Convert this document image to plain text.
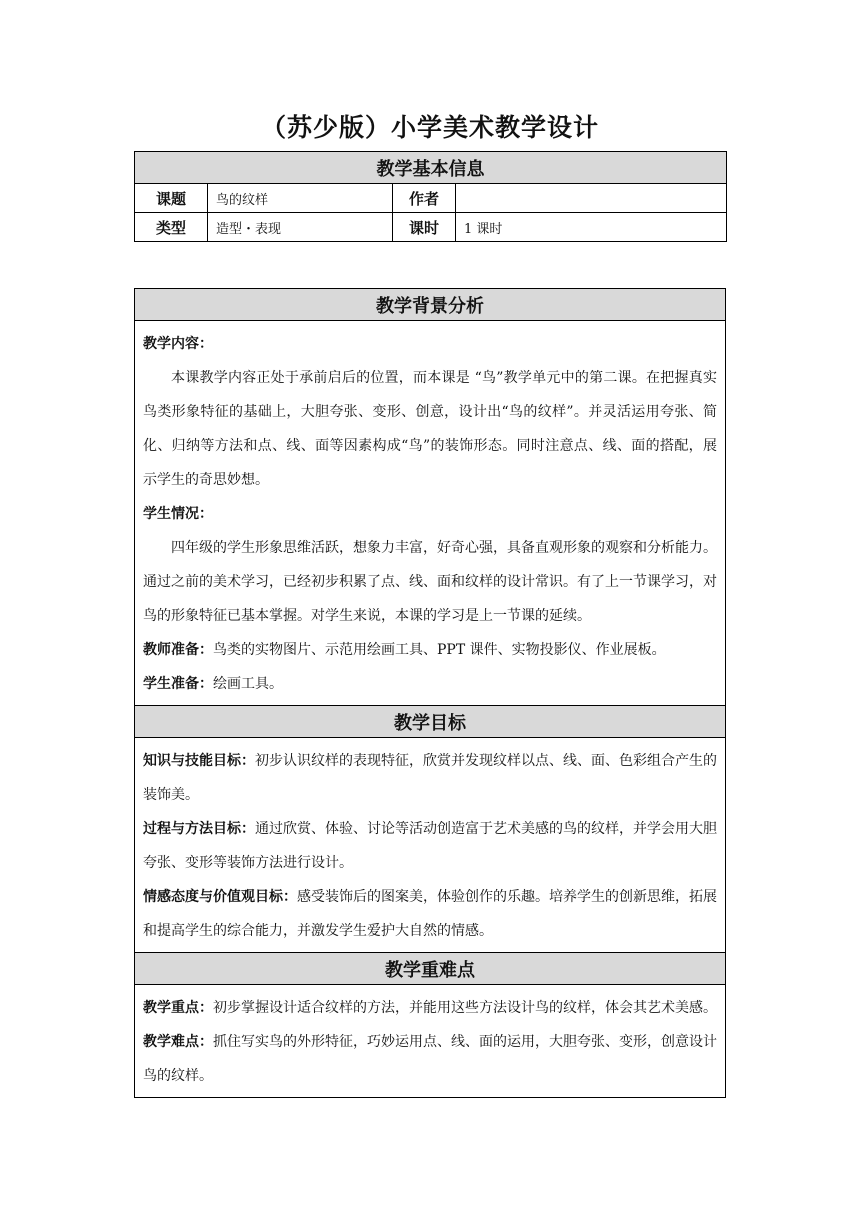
（苏少版）小学美术教学设计
教学基本信息			
课题	鸟的纹样	作者	
类型	造型・表现	课时	1 课时
教学背景分析

教学内容：

本课教学内容正处于承前启后的位置，而本课是 “鸟”教学单元中的第二课。在把握真实鸟类形象特征的基础上，大胆夸张、变形、创意，设计出“鸟的纹样”。并灵活运用夸张、简化、归纳等方法和点、线、面等因素构成“鸟”的装饰形态。同时注意点、线、面的搭配，展示学生的奇思妙想。

学生情况：

四年级的学生形象思维活跃，想象力丰富，好奇心强，具备直观形象的观察和分析能力。通过之前的美术学习，已经初步积累了点、线、面和纹样的设计常识。有了上一节课学习，对鸟的形象特征已基本掌握。对学生来说，本课的学习是上一节课的延续。

教师准备：鸟类的实物图片、示范用绘画工具、PPT 课件、实物投影仪、作业展板。

学生准备：绘画工具。

教学目标

知识与技能目标：初步认识纹样的表现特征，欣赏并发现纹样以点、线、面、色彩组合产生的装饰美。

过程与方法目标：通过欣赏、体验、讨论等活动创造富于艺术美感的鸟的纹样，并学会用大胆夸张、变形等装饰方法进行设计。

情感态度与价值观目标：感受装饰后的图案美，体验创作的乐趣。培养学生的创新思维，拓展和提高学生的综合能力，并激发学生爱护大自然的情感。

教学重难点

教学重点：初步掌握设计适合纹样的方法，并能用这些方法设计鸟的纹样，体会其艺术美感。

教学难点：抓住写实鸟的外形特征，巧妙运用点、线、面的运用，大胆夸张、变形，创意设计鸟的纹样。
